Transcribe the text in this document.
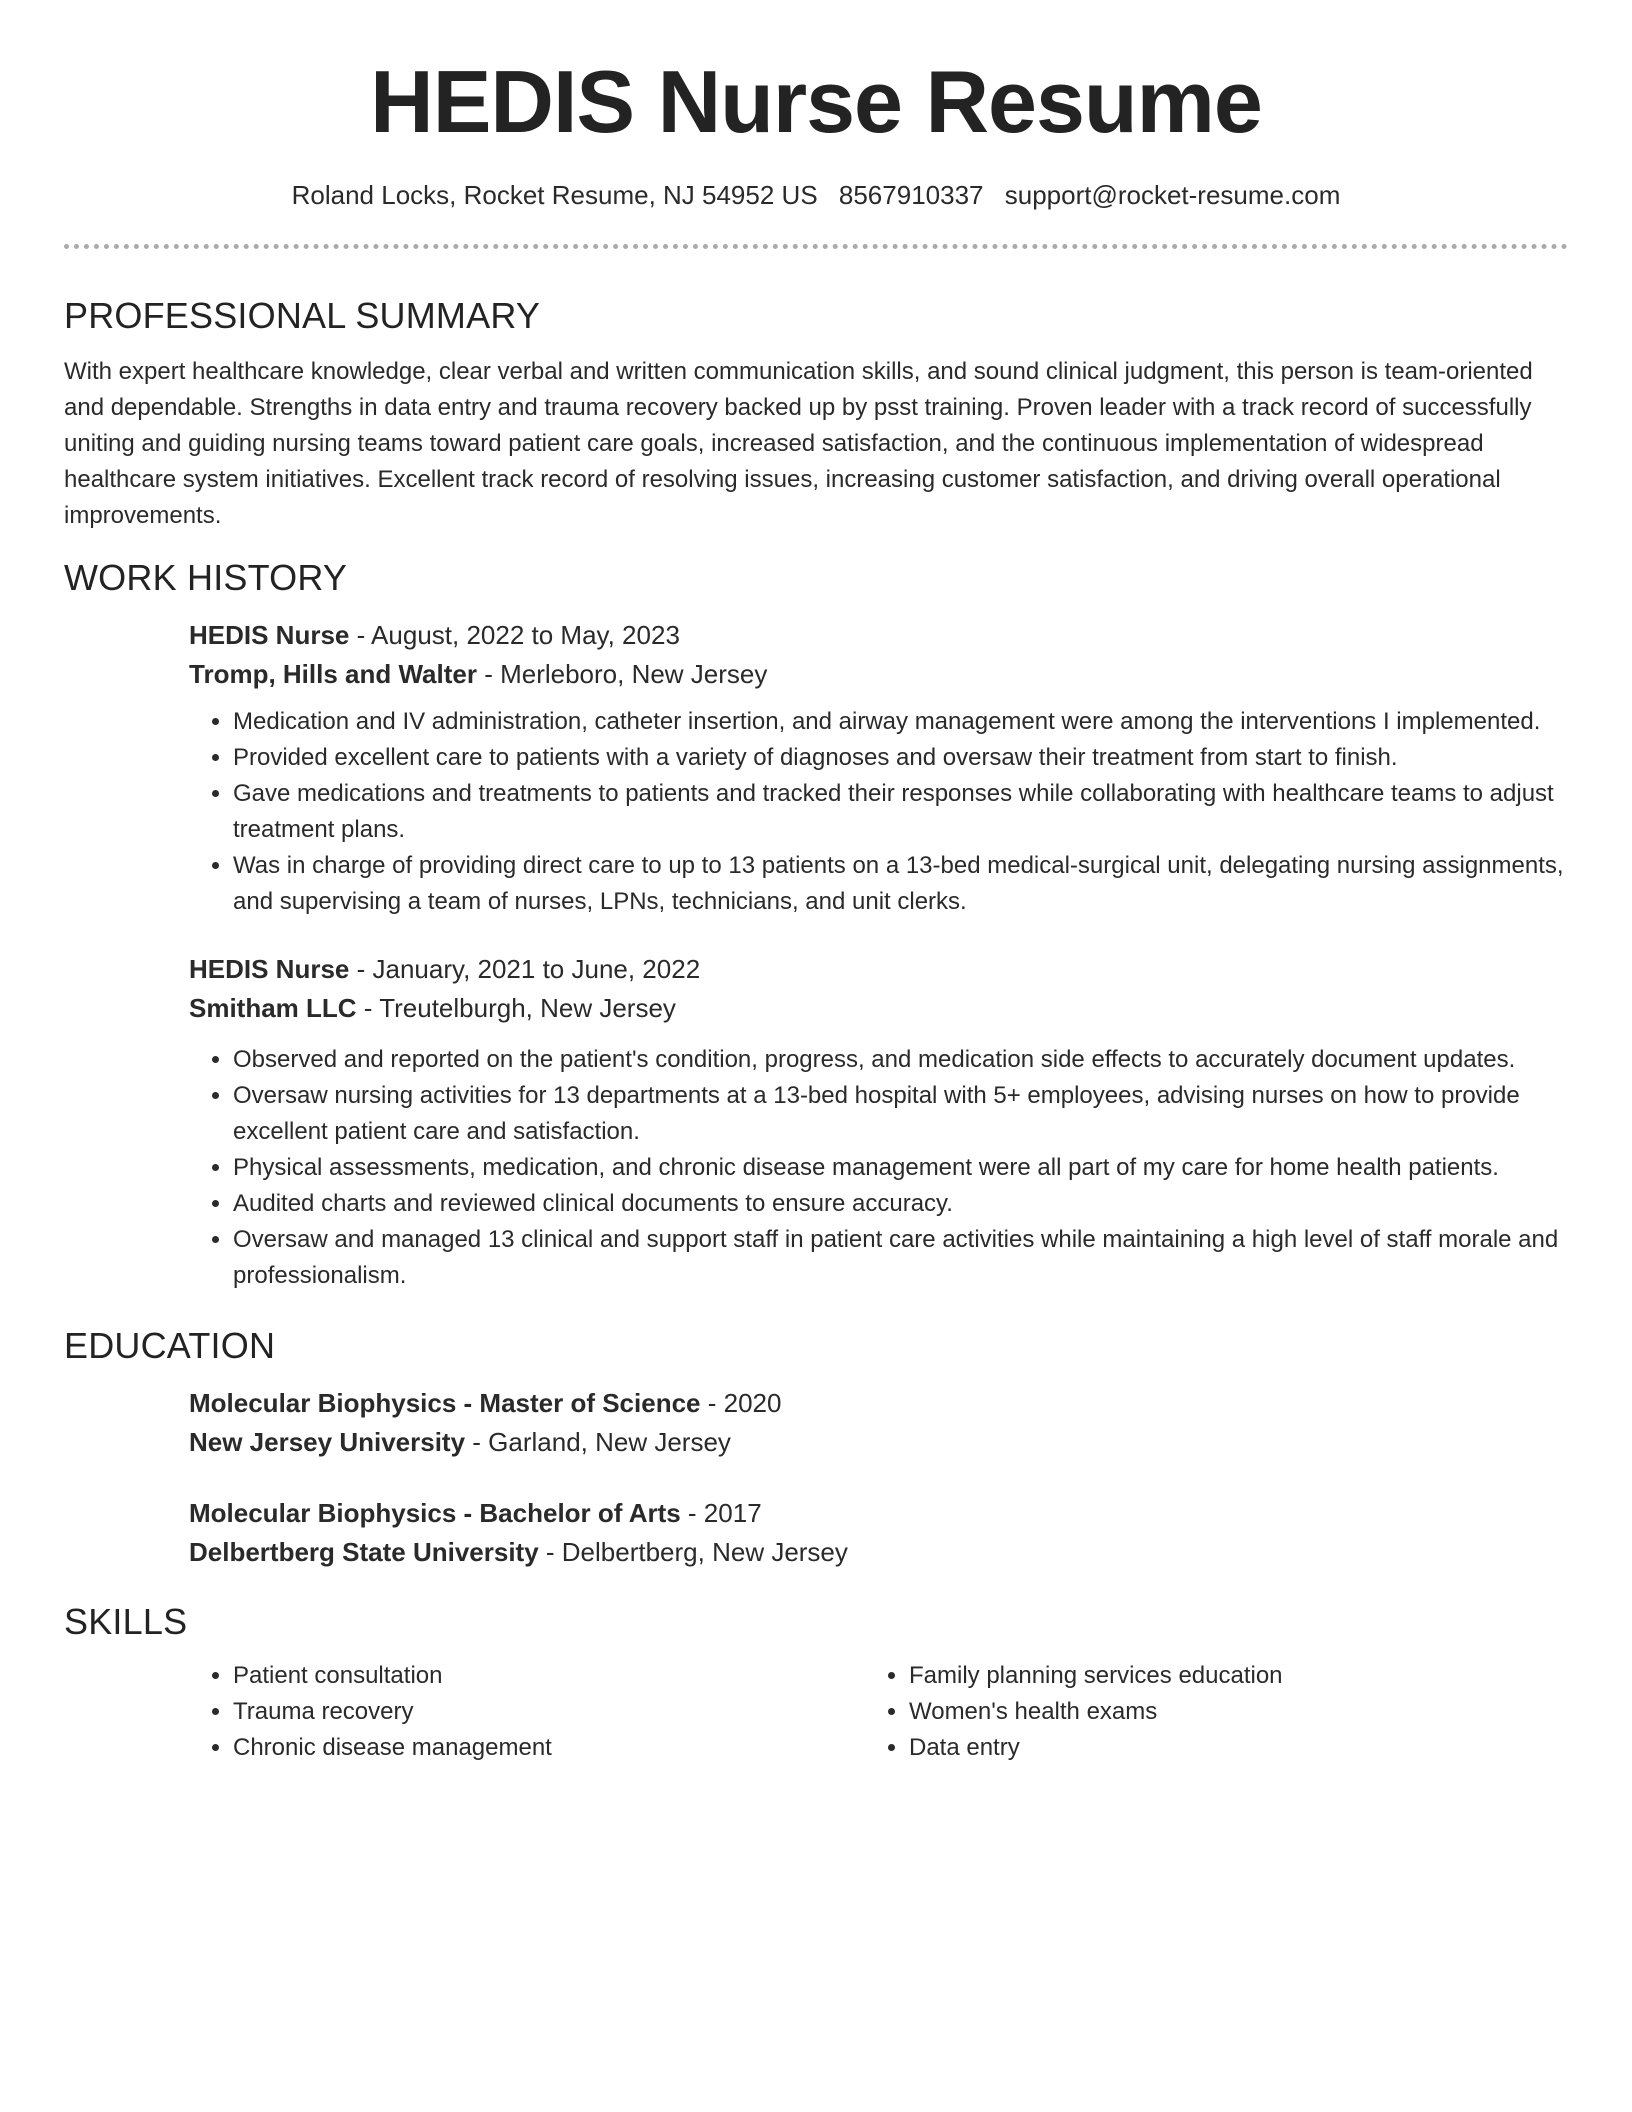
HEDIS Nurse Resume
Roland Locks, Rocket Resume, NJ 54952 US 8567910337 support@rocket-resume.com
PROFESSIONAL SUMMARY

With expert healthcare knowledge, clear verbal and written communication skills, and sound clinical judgment, this person is team-oriented and dependable. Strengths in data entry and trauma recovery backed up by psst training. Proven leader with a track record of successfully uniting and guiding nursing teams toward patient care goals, increased satisfaction, and the continuous implementation of widespread healthcare system initiatives. Excellent track record of resolving issues, increasing customer satisfaction, and driving overall operational improvements.

WORK HISTORY
HEDIS Nurse - August, 2022 to May, 2023
Tromp, Hills and Walter - Merleboro, New Jersey
• Medication and IV administration, catheter insertion, and airway management were among the interventions I implemented.
• Provided excellent care to patients with a variety of diagnoses and oversaw their treatment from start to finish.
• Gave medications and treatments to patients and tracked their responses while collaborating with healthcare teams to adjust treatment plans.
• Was in charge of providing direct care to up to 13 patients on a 13-bed medical-surgical unit, delegating nursing assignments, and supervising a team of nurses, LPNs, technicians, and unit clerks.
HEDIS Nurse - January, 2021 to June, 2022
Smitham LLC - Treutelburgh, New Jersey
• Observed and reported on the patient's condition, progress, and medication side effects to accurately document updates.
• Oversaw nursing activities for 13 departments at a 13-bed hospital with 5+ employees, advising nurses on how to provide excellent patient care and satisfaction.
• Physical assessments, medication, and chronic disease management were all part of my care for home health patients.
• Audited charts and reviewed clinical documents to ensure accuracy.
• Oversaw and managed 13 clinical and support staff in patient care activities while maintaining a high level of staff morale and professionalism.
EDUCATION
Molecular Biophysics - Master of Science - 2020
New Jersey University - Garland, New Jersey
Molecular Biophysics - Bachelor of Arts - 2017
Delbertberg State University - Delbertberg, New Jersey
SKILLS
• Patient consultation
• Trauma recovery
• Chronic disease management
• Family planning services education
• Women's health exams
• Data entry
